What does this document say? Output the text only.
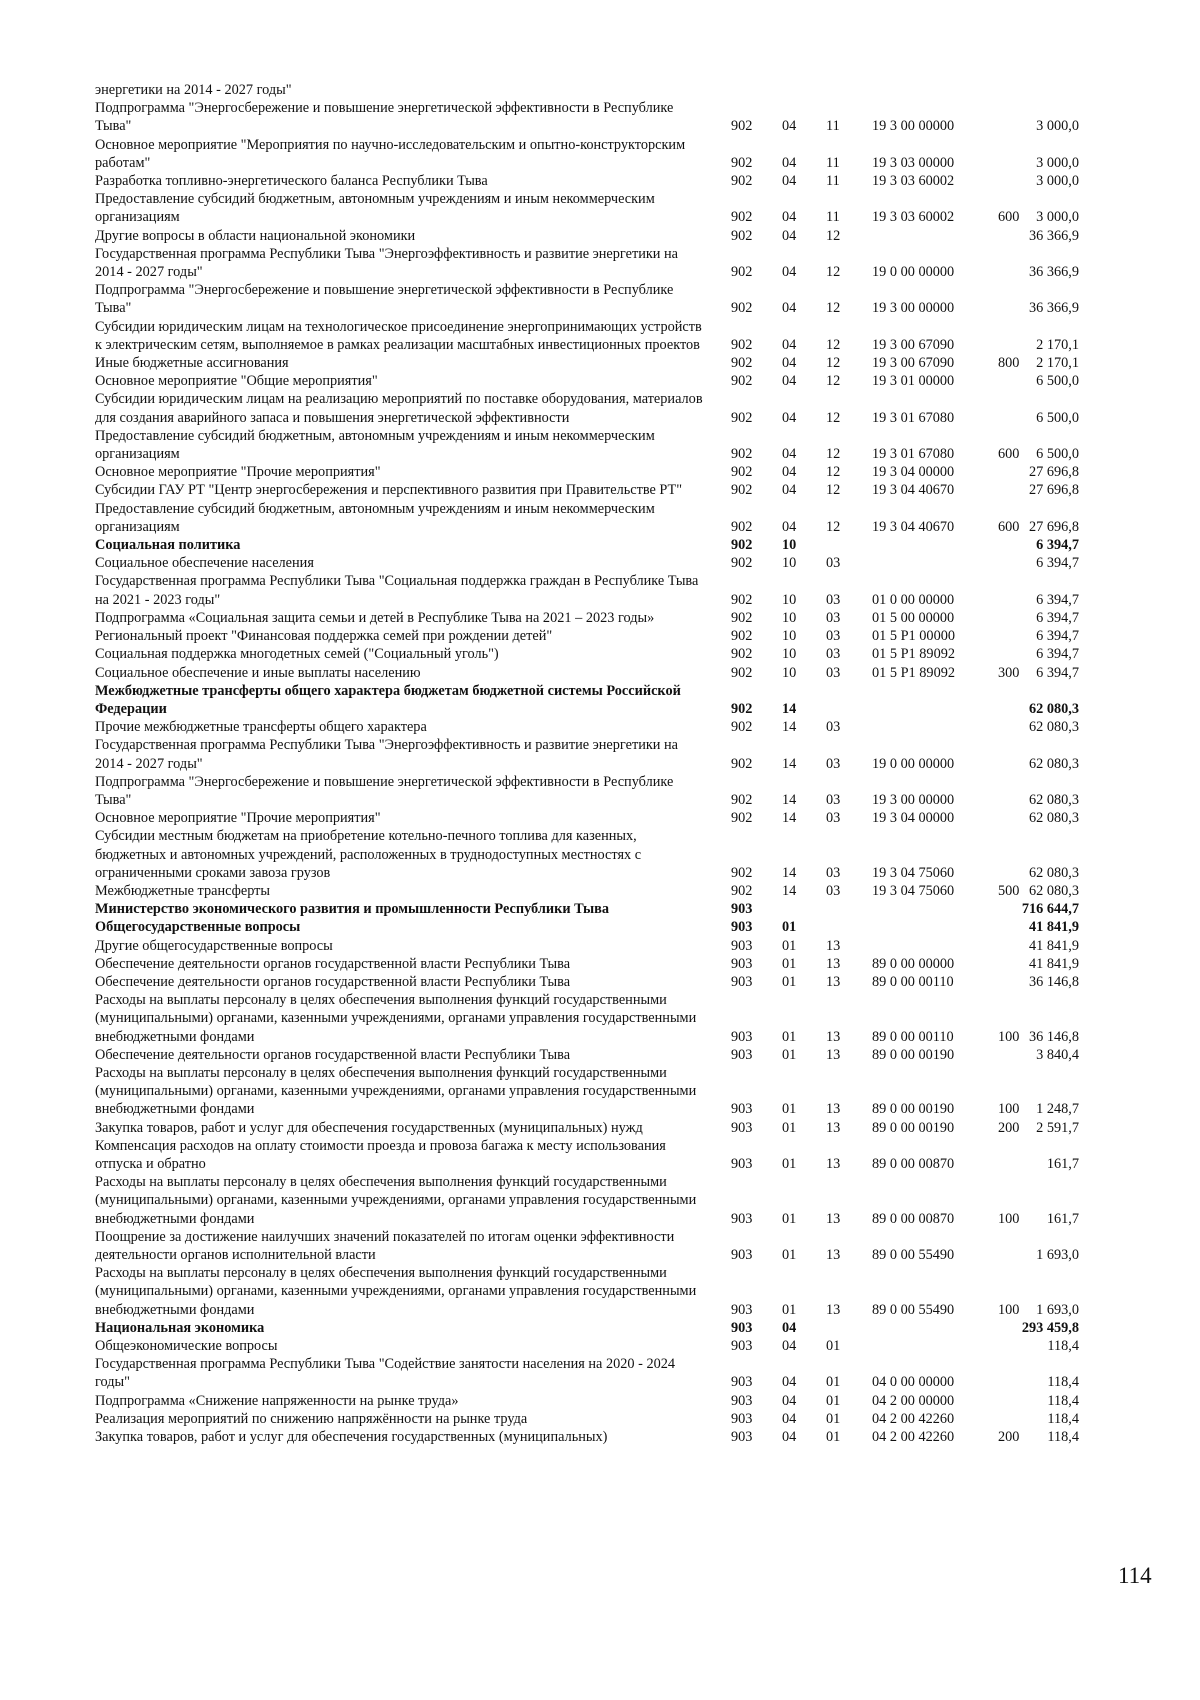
энергетики на 2014 - 2027 годы"
Подпрограмма "Энергосбережение и повышение энергетической эффективности в Республике Тыва"	902 04 11 19 3 00 00000	3 000,0
Основное мероприятие "Мероприятия по научно-исследовательским и опытно-конструкторским работам"	902 04 11 19 3 03 00000	3 000,0
Разработка топливно-энергетического баланса Республики Тыва	902 04 11 19 3 03 60002	3 000,0
Предоставление субсидий бюджетным, автономным учреждениям и иным некоммерческим организациям	902 04 11 19 3 03 60002	600 3 000,0
Другие вопросы в области национальной экономики	902 04 12	36 366,9
Государственная программа Республики Тыва "Энергоэффективность и развитие энергетики на 2014 - 2027 годы"	902 04 12 19 0 00 00000	36 366,9
Подпрограмма "Энергосбережение и повышение энергетической эффективности в Республике Тыва"	902 04 12 19 3 00 00000	36 366,9
Субсидии юридическим лицам на технологическое присоединение энергопринимающих устройств к электрическим сетям, выполняемое в рамках реализации масштабных инвестиционных проектов	902 04 12 19 3 00 67090	2 170,1
Иные бюджетные ассигнования	902 04 12 19 3 00 67090	800 2 170,1
Основное мероприятие "Общие мероприятия"	902 04 12 19 3 01 00000	6 500,0
Субсидии юридическим лицам на реализацию мероприятий по поставке оборудования, материалов для создания аварийного запаса и повышения энергетической эффективности	902 04 12 19 3 01 67080	6 500,0
Предоставление субсидий бюджетным, автономным учреждениям и иным некоммерческим организациям	902 04 12 19 3 01 67080	600 6 500,0
Основное мероприятие "Прочие мероприятия"	902 04 12 19 3 04 00000	27 696,8
Субсидии ГАУ РТ "Центр энергосбережения и перспективного развития при Правительстве РТ"	902 04 12 19 3 04 40670	27 696,8
Предоставление субсидий бюджетным, автономным учреждениям и иным некоммерческим организациям	902 04 12 19 3 04 40670	600 27 696,8
Социальная политика	902 10	6 394,7
Социальное обеспечение населения	902 10 03	6 394,7
Государственная программа Республики Тыва "Социальная поддержка граждан в Республике Тыва на 2021 - 2023 годы"	902 10 03 01 0 00 00000	6 394,7
Подпрограмма «Социальная защита семьи и детей в Республике Тыва на 2021 – 2023 годы»	902 10 03 01 5 00 00000	6 394,7
Региональный проект "Финансовая поддержка семей при рождении детей"	902 10 03 01 5 P1 00000	6 394,7
Социальная поддержка многодетных семей ("Социальный уголь")	902 10 03 01 5 P1 89092	6 394,7
Социальное обеспечение и иные выплаты населению	902 10 03 01 5 P1 89092	300 6 394,7
Межбюджетные трансферты общего характера бюджетам бюджетной системы Российской Федерации	902 14	62 080,3
Прочие межбюджетные трансферты общего характера	902 14 03	62 080,3
Государственная программа Республики Тыва "Энергоэффективность и развитие энергетики на 2014 - 2027 годы"	902 14 03 19 0 00 00000	62 080,3
Подпрограмма "Энергосбережение и повышение энергетической эффективности в Республике Тыва"	902 14 03 19 3 00 00000	62 080,3
Основное мероприятие "Прочие мероприятия"	902 14 03 19 3 04 00000	62 080,3
Субсидии местным бюджетам на приобретение котельно-печного топлива для казенных, бюджетных и автономных учреждений, расположенных в труднодоступных местностях с ограниченными сроками завоза грузов	902 14 03 19 3 04 75060	62 080,3
Межбюджетные трансферты	902 14 03 19 3 04 75060	500 62 080,3
Министерство экономического развития и промышленности Республики Тыва	903	716 644,7
Общегосударственные вопросы	903 01	41 841,9
Другие общегосударственные вопросы	903 01 13	41 841,9
Обеспечение деятельности органов государственной власти Республики Тыва	903 01 13 89 0 00 00000	41 841,9
Обеспечение деятельности органов государственной власти Республики Тыва	903 01 13 89 0 00 00110	36 146,8
Расходы на выплаты персоналу в целях обеспечения выполнения функций государственными (муниципальными) органами, казенными учреждениями, органами управления государственными внебюджетными фондами	903 01 13 89 0 00 00110	100 36 146,8
Обеспечение деятельности органов государственной власти Республики Тыва	903 01 13 89 0 00 00190	3 840,4
Расходы на выплаты персоналу в целях обеспечения выполнения функций государственными (муниципальными) органами, казенными учреждениями, органами управления государственными внебюджетными фондами	903 01 13 89 0 00 00190	100 1 248,7
Закупка товаров, работ и услуг для обеспечения государственных (муниципальных) нужд	903 01 13 89 0 00 00190	200 2 591,7
Компенсация расходов на оплату стоимости проезда и провоза багажа к месту использования отпуска и обратно	903 01 13 89 0 00 00870	161,7
Расходы на выплаты персоналу в целях обеспечения выполнения функций государственными (муниципальными) органами, казенными учреждениями, органами управления государственными внебюджетными фондами	903 01 13 89 0 00 00870	100 161,7
Поощрение за достижение наилучших значений показателей по итогам оценки эффективности деятельности органов исполнительной власти	903 01 13 89 0 00 55490	1 693,0
Расходы на выплаты персоналу в целях обеспечения выполнения функций государственными (муниципальными) органами, казенными учреждениями, органами управления государственными внебюджетными фондами	903 01 13 89 0 00 55490	100 1 693,0
Национальная экономика	903 04	293 459,8
Общеэкономические вопросы	903 04 01	118,4
Государственная программа Республики Тыва "Содействие занятости населения на 2020 - 2024 годы"	903 04 01 04 0 00 00000	118,4
Подпрограмма «Снижение напряженности на рынке труда»	903 04 01 04 2 00 00000	118,4
Реализация мероприятий по снижению напряжённости на рынке труда	903 04 01 04 2 00 42260	118,4
Закупка товаров, работ и услуг для обеспечения государственных (муниципальных)	903 04 01 04 2 00 42260	200 118,4
114
